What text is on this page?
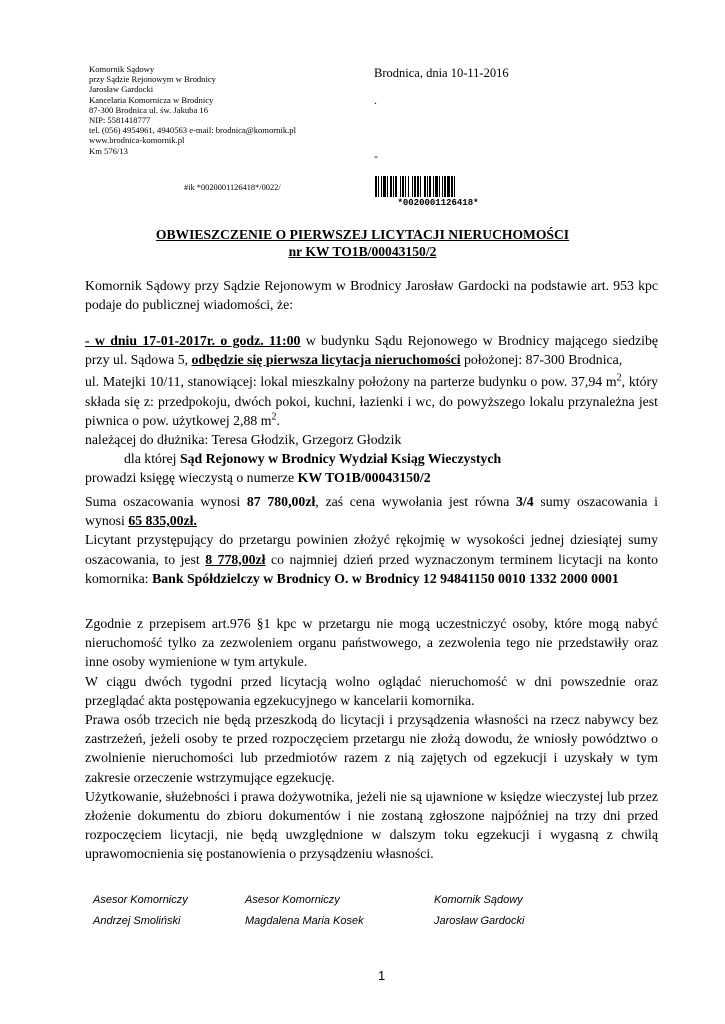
Komornik Sądowy
przy Sądzie Rejonowym w Brodnicy
Jarosław Gardocki
Kancelaria Komornicza w Brodnicy
87-300 Brodnica ul. św. Jakuba 16
NIP: 5581418777
tel. (056) 4954961, 4940563 e-mail: brodnica@komornik.pl
www.brodnica-komornik.pl
Km 576/13
Brodnica, dnia 10-11-2016
.
-
#ik *0020001126418*/0022/
*0020001126418*
OBWIESZCZENIE O PIERWSZEJ LICYTACJI NIERUCHOMOŚCI
nr KW TO1B/00043150/2

Komornik Sądowy przy Sądzie Rejonowym w Brodnicy Jarosław Gardocki na podstawie art. 953 kpc podaje do publicznej wiadomości, że:

- w dniu 17-01-2017r. o godz. 11:00 w budynku Sądu Rejonowego w Brodnicy mającego siedzibę przy ul. Sądowa 5, odbędzie się pierwsza licytacja nieruchomości położonej: 87-300 Brodnica,

ul. Matejki 10/11, stanowiącej: lokal mieszkalny położony na parterze budynku o pow. 37,94 $m^2$, który składa się z: przedpokoju, dwóch pokoi, kuchni, łazienki i wc, do powyższego lokalu przynależna jest piwnica o pow. użytkowej 2,88 $m^2$.

należącej do dłużnika: Teresa Głodzik, Grzegorz Głodzik

dla której Sąd Rejonowy w Brodnicy Wydział Ksiąg Wieczystych

prowadzi księgę wieczystą o numerze KW TO1B/00043150/2

Suma oszacowania wynosi 87 780,00zł, zaś cena wywołania jest równa 3/4 sumy oszacowania i wynosi 65 835,00zł.

Licytant przystępujący do przetargu powinien złożyć rękojmię w wysokości jednej dziesiątej sumy oszacowania, to jest 8 778,00zł co najmniej dzień przed wyznaczonym terminem licytacji na konto komornika: Bank Spółdzielczy w Brodnicy O. w Brodnicy 12 94841150 0010 1332 2000 0001

Zgodnie z przepisem art.976 §1 kpc w przetargu nie mogą uczestniczyć osoby, które mogą nabyć nieruchomość tylko za zezwoleniem organu państwowego, a zezwolenia tego nie przedstawiły oraz inne osoby wymienione w tym artykule.

W ciągu dwóch tygodni przed licytacją wolno oglądać nieruchomość w dni powszednie oraz przeglądać akta postępowania egzekucyjnego w kancelarii komornika.

Prawa osób trzecich nie będą przeszkodą do licytacji i przysądzenia własności na rzecz nabywcy bez zastrzeżeń, jeżeli osoby te przed rozpoczęciem przetargu nie złożą dowodu, że wniosły powództwo o zwolnienie nieruchomości lub przedmiotów razem z nią zajętych od egzekucji i uzyskały w tym zakresie orzeczenie wstrzymujące egzekucję.

Użytkowanie, służebności i prawa dożywotnika, jeżeli nie są ujawnione w księdze wieczystej lub przez złożenie dokumentu do zbioru dokumentów i nie zostaną zgłoszone najpóźniej na trzy dni przed rozpoczęciem licytacji, nie będą uwzględnione w dalszym toku egzekucji i wygasną z chwilą uprawomocnienia się postanowienia o przysądzeniu własności.

Asesor Komorniczy
Andrzej Smoliński
Asesor Komorniczy
Magdalena Maria Kosek
Komornik Sądowy
Jarosław Gardocki
1
